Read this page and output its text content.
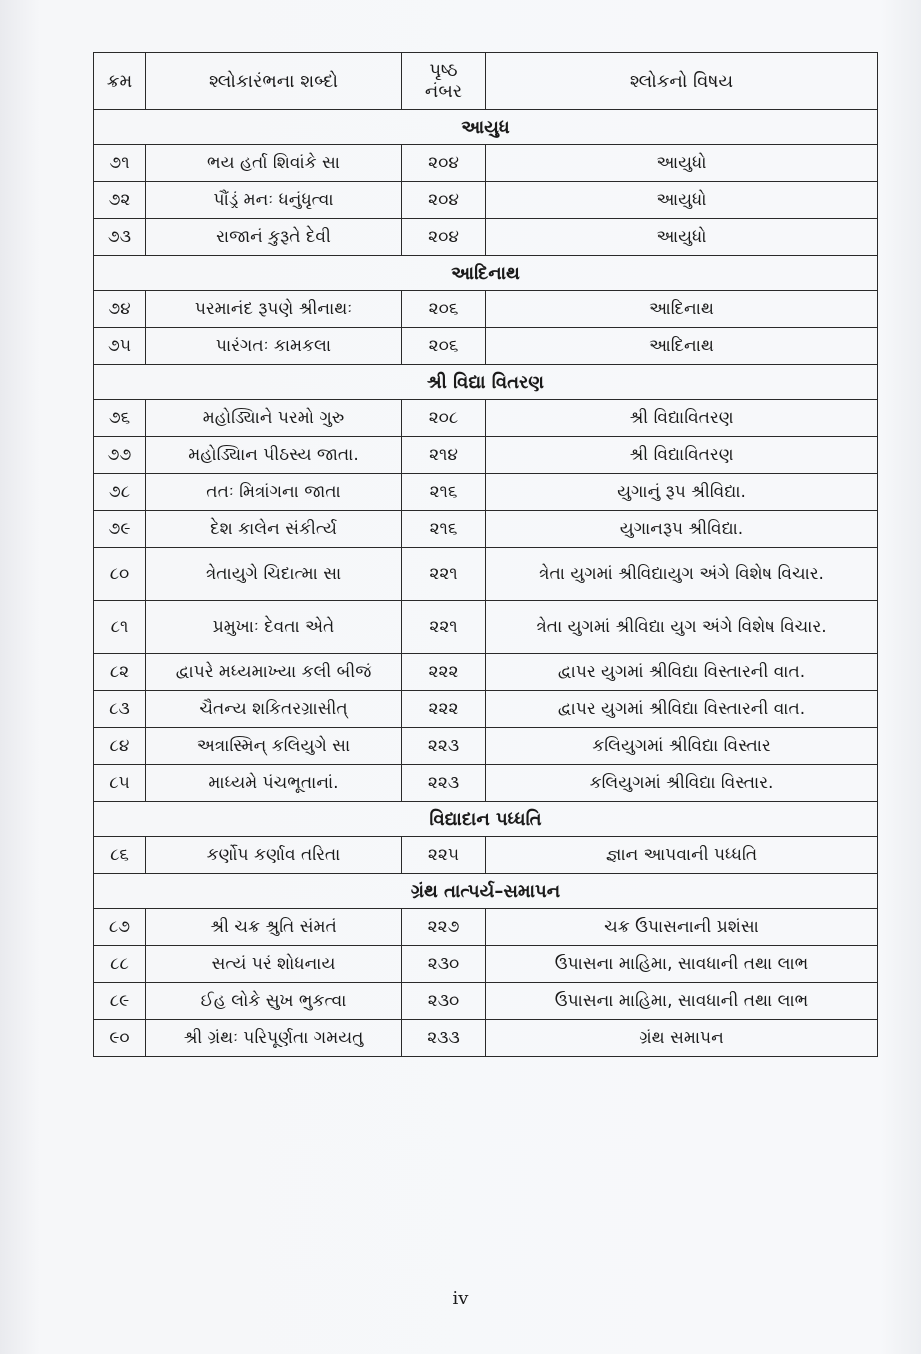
ક્રમ	શ્લોકારંભના શબ્દો	પૃષ્ઠ નંબર	શ્લોકનો વિષય
આયુધ			
૭૧	ભય હર્તા શિવાંકે સા	૨૦૪	આયુધો
૭૨	પૌંડ્રં મનઃ ધનુંધૃત્વા	૨૦૪	આયુધો
૭૩	રાજાનં કુરૂતે દેવી	૨૦૪	આયુધો
આદિનાથ			
૭૪	પરમાનંદ રૂપણે શ્રીનાથઃ	૨૦૬	આદિનાથ
૭૫	પારંગતઃ કામકલા	૨૦૬	આદિનાથ
શ્રી વિદ્યા વિતરણ			
૭૬	મહોડ્યિાને પરમો ગુરુ	૨૦૮	શ્રી વિદ્યાવિતરણ
૭૭	મહોડ્યિાન પીઠસ્ય જાતા.	૨૧૪	શ્રી વિદ્યાવિતરણ
૭૮	તતઃ મિત્રાંગના જાતા	૨૧૬	યુગાનું રૂપ શ્રીવિદ્યા.
૭૯	દેશ કાલેન સંકીર્ત્ય	૨૧૬	યુગાનરૂપ શ્રીવિદ્યા.
૮૦	ત્રેતાયુગે ચિદાત્મા સા	૨૨૧	ત્રેતા યુગમાં શ્રીવિદ્યાયુગ અંગે વિશેષ વિચાર.
૮૧	પ્રમુખાઃ દેવતા એતે	૨૨૧	ત્રેતા યુગમાં શ્રીવિદ્યા યુગ અંગે વિશેષ વિચાર.
૮૨	દ્વાપરે મધ્યમાખ્યા કલી બીજં	૨૨૨	દ્વાપર યુગમાં શ્રીવિદ્યા વિસ્તારની વાત.
૮૩	ચૈતન્ય શકિતરગ્રાસીત્	૨૨૨	દ્વાપર યુગમાં શ્રીવિદ્યા વિસ્તારની વાત.
૮૪	અત્રાસ્મિન્ કલિયુગે સા	૨૨૩	કલિયુગમાં શ્રીવિદ્યા વિસ્તાર
૮૫	માધ્યમે પંચભૂતાનાં.	૨૨૩	કલિયુગમાં શ્રીવિદ્યા વિસ્તાર.
વિદ્યાદાન પધ્ધતિ			
૮૬	કર્ણોપ કર્ણાવ તરિતા	૨૨૫	જ્ઞાન આપવાની પધ્ધતિ
ગ્રંથ તાત્પર્ય–સમાપન			
૮૭	શ્રી ચક્ર શ્રુતિ સંમતં	૨૨૭	ચક્ર ઉપાસનાની પ્રશંસા
૮૮	સત્યં પરં શોધનાય	૨૩૦	ઉપાસના માહિમા, સાવધાની તથા લાભ
૮૯	ઈહ લોકે સુખ ભુકત્વા	૨૩૦	ઉપાસના માહિમા, સાવધાની તથા લાભ
૯૦	શ્રી ગ્રંથઃ પરિપૂર્ણતા ગમયતુ	૨૩૩	ગ્રંથ સમાપન
iv
